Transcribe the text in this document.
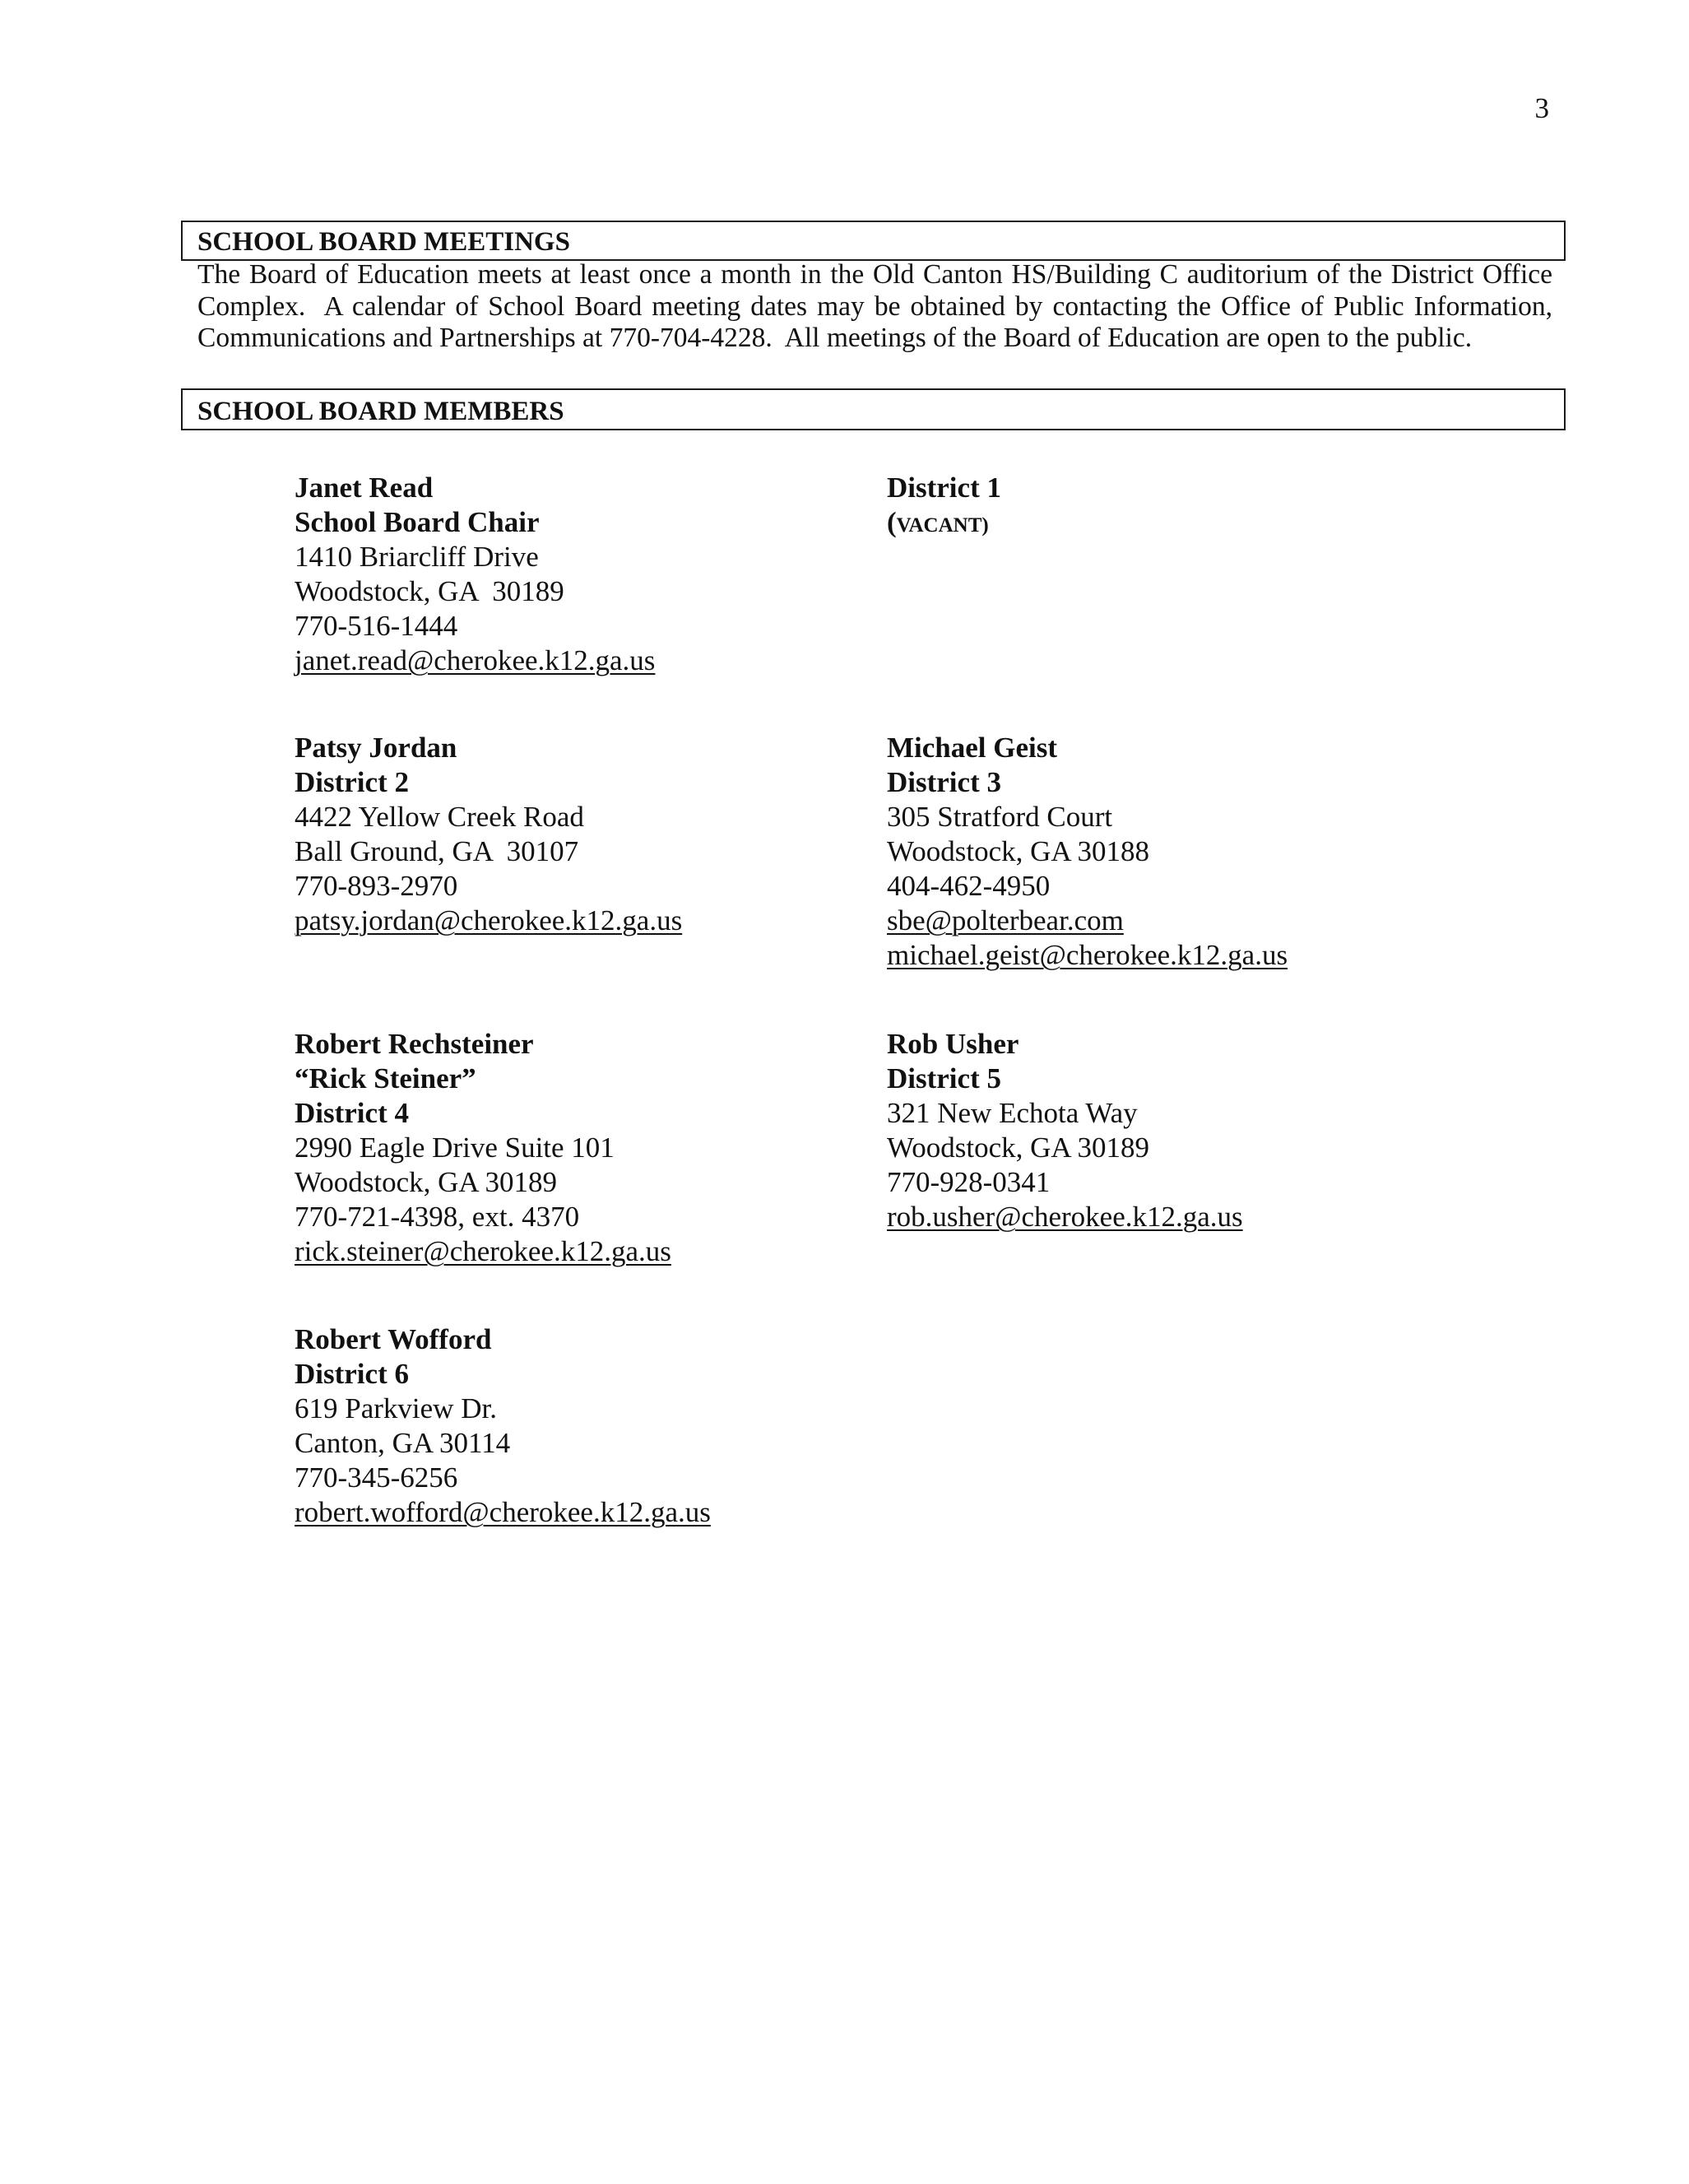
3
SCHOOL BOARD MEETINGS

The Board of Education meets at least once a month in the Old Canton HS/Building C auditorium of the District Office Complex.  A calendar of School Board meeting dates may be obtained by contacting the Office of Public Information, Communications and Partnerships at 770-704-4228.  All meetings of the Board of Education are open to the public.

SCHOOL BOARD MEMBERS
Janet Read
School Board Chair
1410 Briarcliff Drive
Woodstock, GA  30189
770-516-1444
janet.read@cherokee.k12.ga.us
District 1
(VACANT)
Patsy Jordan
District 2
4422 Yellow Creek Road
Ball Ground, GA  30107
770-893-2970
patsy.jordan@cherokee.k12.ga.us
Michael Geist
District 3
305 Stratford Court
Woodstock, GA 30188
404-462-4950
sbe@polterbear.com
michael.geist@cherokee.k12.ga.us
Robert Rechsteiner
“Rick Steiner”
District 4
2990 Eagle Drive Suite 101
Woodstock, GA 30189
770-721-4398, ext. 4370
rick.steiner@cherokee.k12.ga.us
Rob Usher
District 5
321 New Echota Way
Woodstock, GA 30189
770-928-0341
rob.usher@cherokee.k12.ga.us
Robert Wofford
District 6
619 Parkview Dr.
Canton, GA 30114
770-345-6256
robert.wofford@cherokee.k12.ga.us
